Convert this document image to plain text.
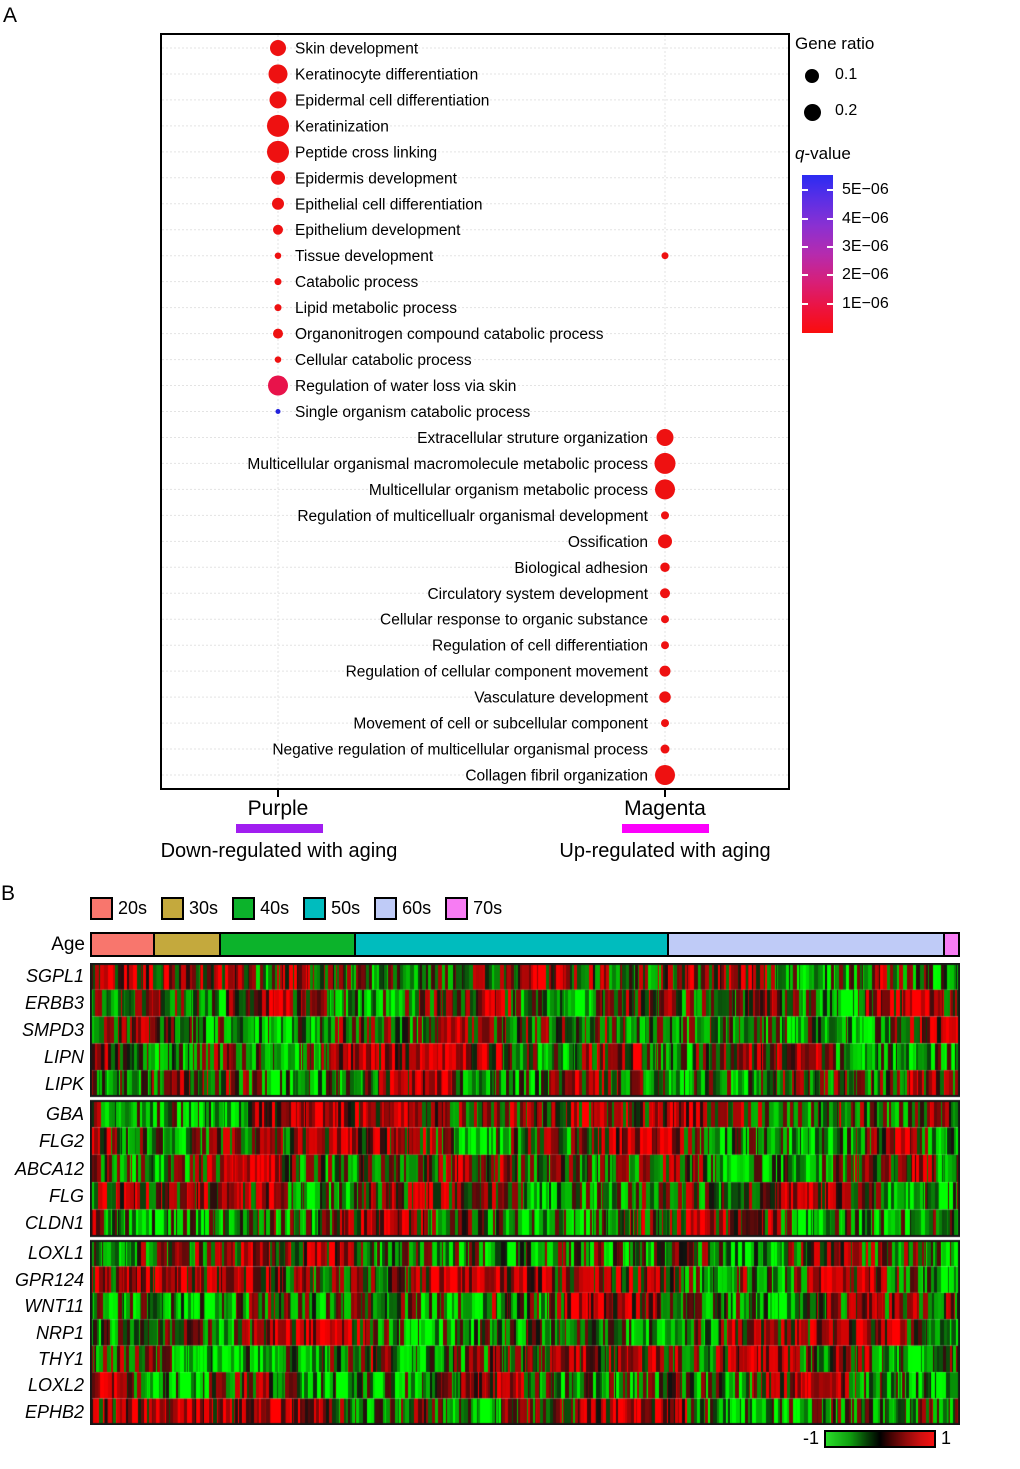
A
Skin development
Keratinocyte differentiation
Epidermal cell differentiation
Keratinization
Peptide cross linking
Epidermis development
Epithelial cell differentiation
Epithelium development
Tissue development
Catabolic process
Lipid metabolic process
Organonitrogen compound catabolic process
Cellular catabolic process
Regulation of water loss via skin
Single organism catabolic process
Extracellular struture organization
Multicellular organismal macromolecule metabolic process
Multicellular organism metabolic process
Regulation of multicellualr organismal development
Ossification
Biological adhesion
Circulatory system development
Cellular response to organic substance
Regulation of cell differentiation
Regulation of cellular component movement
Vasculature development
Movement of cell or subcellular component
Negative regulation of multicellular organismal process
Collagen fibril organization
Gene ratio
0.1
0.2
q-value
5E−06
4E−06
3E−06
2E−06
1E−06
Purple
Down-regulated with aging
Magenta
Up-regulated with aging
B
20s 30s 40s 50s 60s 70s
Age
SGPL1
ERBB3
SMPD3
LIPN
LIPK
GBA
FLG2
ABCA12
FLG
CLDN1
LOXL1
GPR124
WNT11
NRP1
THY1
LOXL2
EPHB2
-1	1
